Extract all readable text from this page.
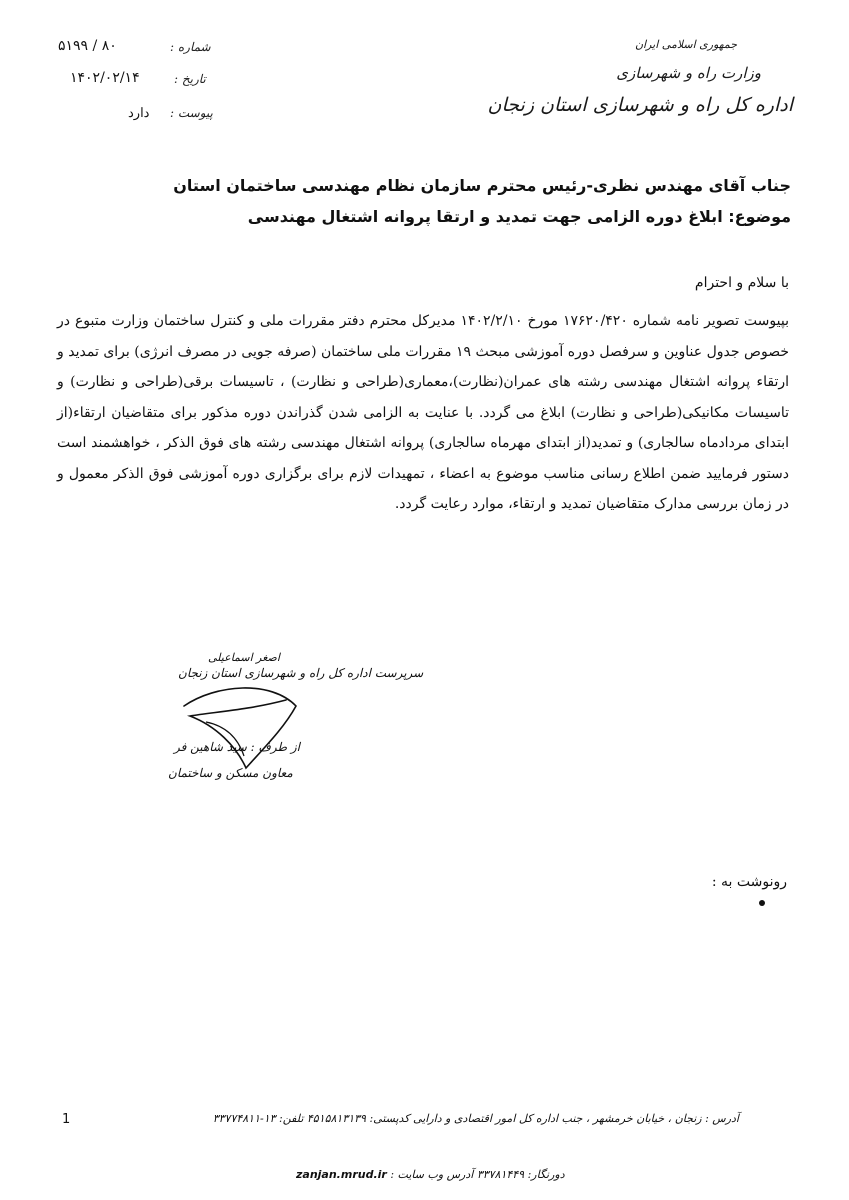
جمهوری اسلامی ایران
وزارت راه و شهرسازی
اداره کل راه و شهرسازی استان زنجان
شماره :
۸۰ / ۵۱۹۹
تاریخ :
۱۴۰۲/۰۲/۱۴
پیوست :
دارد
جناب آقای مهندس نظری-رئیس محترم سازمان نظام مهندسی ساختمان استان
موضوع: ابلاغ دوره الزامی جهت تمدید و ارتقا پروانه اشتغال مهندسی
با سلام و احترام
بپیوست تصویر نامه شماره ۱۷۶۲۰/۴۲۰ مورخ ۱۴۰۲/۲/۱۰ مدیرکل محترم دفتر مقررات ملی و کنترل ساختمان وزارت متبوع در خصوص جدول عناوین و سرفصل دوره آموزشی مبحث ۱۹ مقررات ملی ساختمان (صرفه جویی در مصرف انرژی) برای تمدید و ارتقاء پروانه اشتغال مهندسی رشته های عمران(نظارت)،معماری(طراحی و نظارت) ، تاسیسات برقی(طراحی و نظارت) و تاسیسات مکانیکی(طراحی و نظارت) ابلاغ می گردد. با عنایت به الزامی شدن گذراندن دوره مذکور برای متقاضیان ارتقاء(از ابتدای مردادماه سالجاری) و تمدید(از ابتدای مهرماه سالجاری) پروانه اشتغال مهندسی رشته های فوق الذکر ، خواهشمند است دستور فرمایید ضمن اطلاع رسانی مناسب موضوع به اعضاء ، تمهیدات لازم برای برگزاری دوره آموزشی فوق الذکر معمول و در زمان بررسی مدارک متقاضیان تمدید و ارتقاء، موارد رعایت گردد.
اصغر اسماعیلی
سرپرست اداره کل راه و شهرسازی استان زنجان
از طرف : سید شاهین فر
معاون مسکن و ساختمان
رونوشت به :
1	آدرس : زنجان ، خیابان خرمشهر ، جنب اداره کل امور اقتصادی و دارایی کدپستی: ۴۵۱۵۸۱۳۱۳۹ تلفن: ۱۳-۳۳۷۷۴۸۱۱
دورنگار: ۳۳۷۸۱۴۴۹ آدرس وب سایت : zanjan.mrud.ir
